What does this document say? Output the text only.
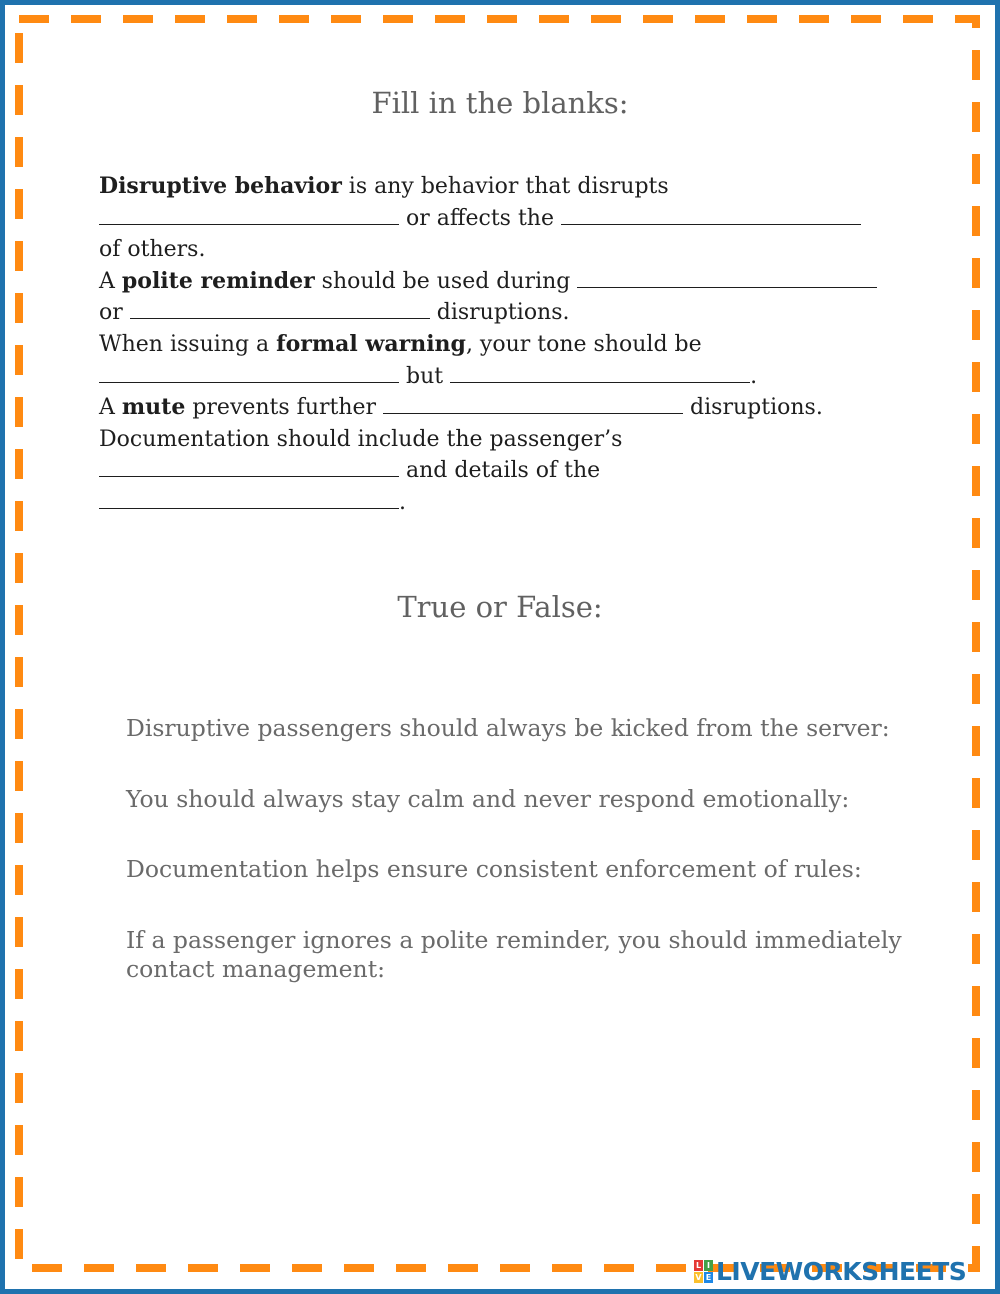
Fill in the blanks:
Disruptive behavior is any behavior that disrupts
or affects the
of others.
A polite reminder should be used during
or	disruptions.
When issuing a formal warning, your tone should be
but	.
A mute prevents further	disruptions.
Documentation should include the passenger’s
and details of the
.
True or False:
Disruptive passengers should always be kicked from the server:
You should always stay calm and never respond emotionally:
Documentation helps ensure consistent enforcement of rules:
If a passenger ignores a polite reminder, you should immediately contact management:
L I
V E LIVEWORKSHEETS
